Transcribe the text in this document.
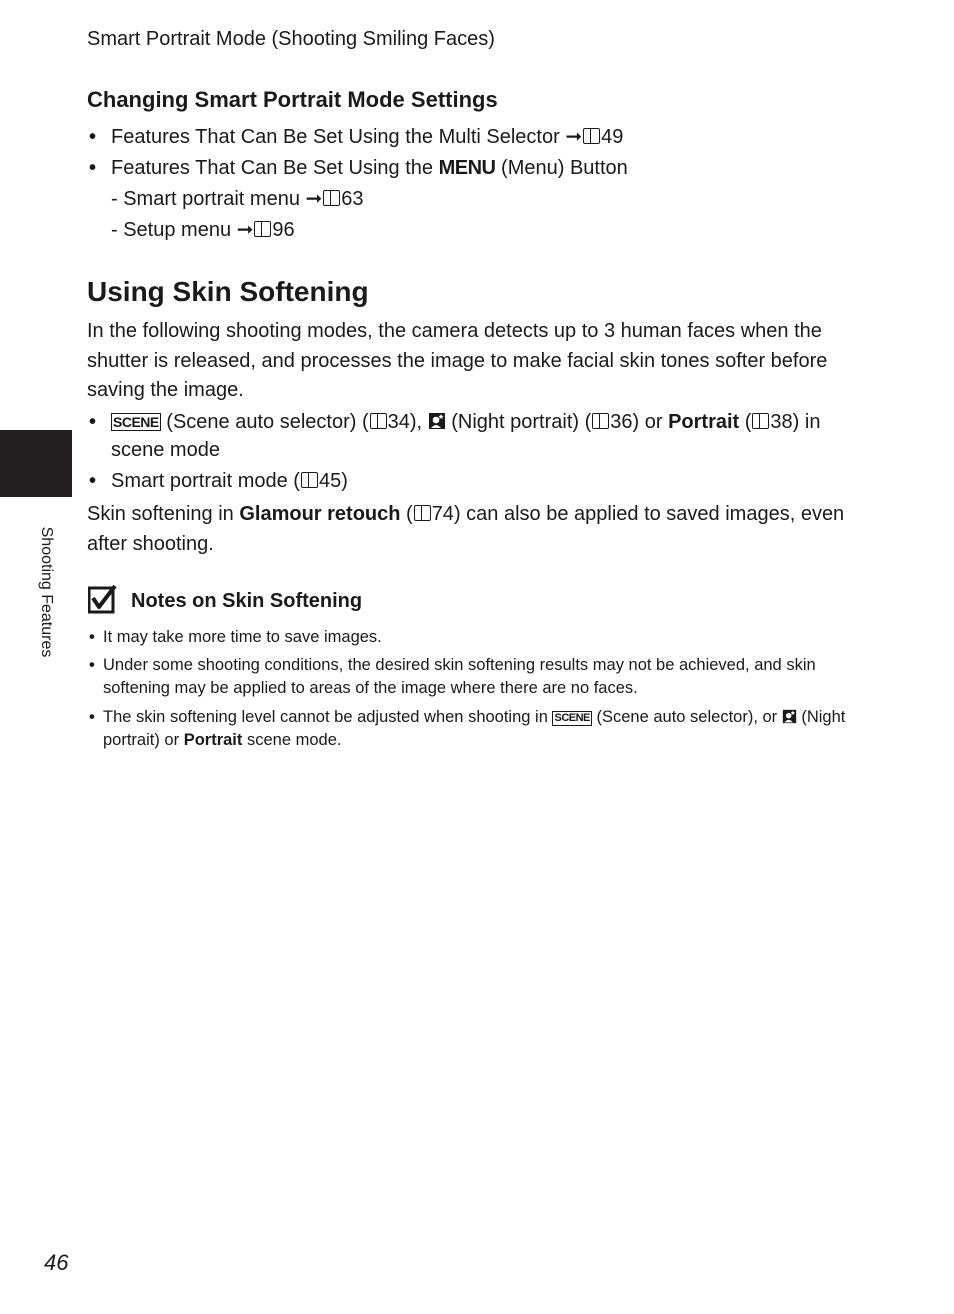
Smart Portrait Mode (Shooting Smiling Faces)
Shooting Features
Changing Smart Portrait Mode Settings
• Features That Can Be Set Using the Multi Selector ➞ 49
• Features That Can Be Set Using the MENU (Menu) Button
- Smart portrait menu ➞ 63
- Setup menu ➞ 96
Using Skin Softening

In the following shooting modes, the camera detects up to 3 human faces when the shutter is released, and processes the image to make facial skin tones softer before saving the image.

• SCENE (Scene auto selector) ( 34),  (Night portrait) ( 36) or Portrait ( 38) in scene mode
• Smart portrait mode ( 45)

Skin softening in Glamour retouch ( 74) can also be applied to saved images, even after shooting.

Notes on Skin Softening
• It may take more time to save images.
• Under some shooting conditions, the desired skin softening results may not be achieved, and skin softening may be applied to areas of the image where there are no faces.
• The skin softening level cannot be adjusted when shooting in SCENE (Scene auto selector), or (Night portrait) or Portrait scene mode.
46
